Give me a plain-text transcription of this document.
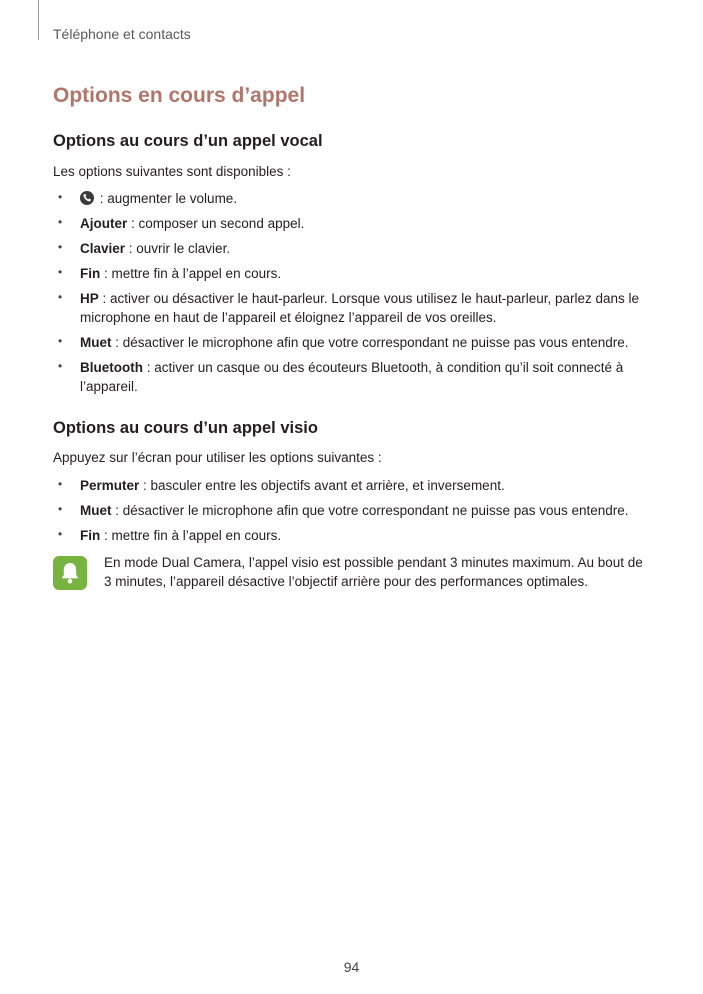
Téléphone et contacts
Options en cours d’appel
Options au cours d’un appel vocal
Les options suivantes sont disponibles :
•	: augmenter le volume.
• Ajouter : composer un second appel.
• Clavier : ouvrir le clavier.
• Fin : mettre fin à l’appel en cours.
• HP : activer ou désactiver le haut-parleur. Lorsque vous utilisez le haut-parleur, parlez dans le microphone en haut de l’appareil et éloignez l’appareil de vos oreilles.
• Muet : désactiver le microphone afin que votre correspondant ne puisse pas vous entendre.
• Bluetooth : activer un casque ou des écouteurs Bluetooth, à condition qu’il soit connecté à l’appareil.
Options au cours d’un appel visio
Appuyez sur l’écran pour utiliser les options suivantes :
• Permuter : basculer entre les objectifs avant et arrière, et inversement.
• Muet : désactiver le microphone afin que votre correspondant ne puisse pas vous entendre.
• Fin : mettre fin à l’appel en cours.
En mode Dual Camera, l’appel visio est possible pendant 3 minutes maximum. Au bout de 3 minutes, l’appareil désactive l’objectif arrière pour des performances optimales.
94
